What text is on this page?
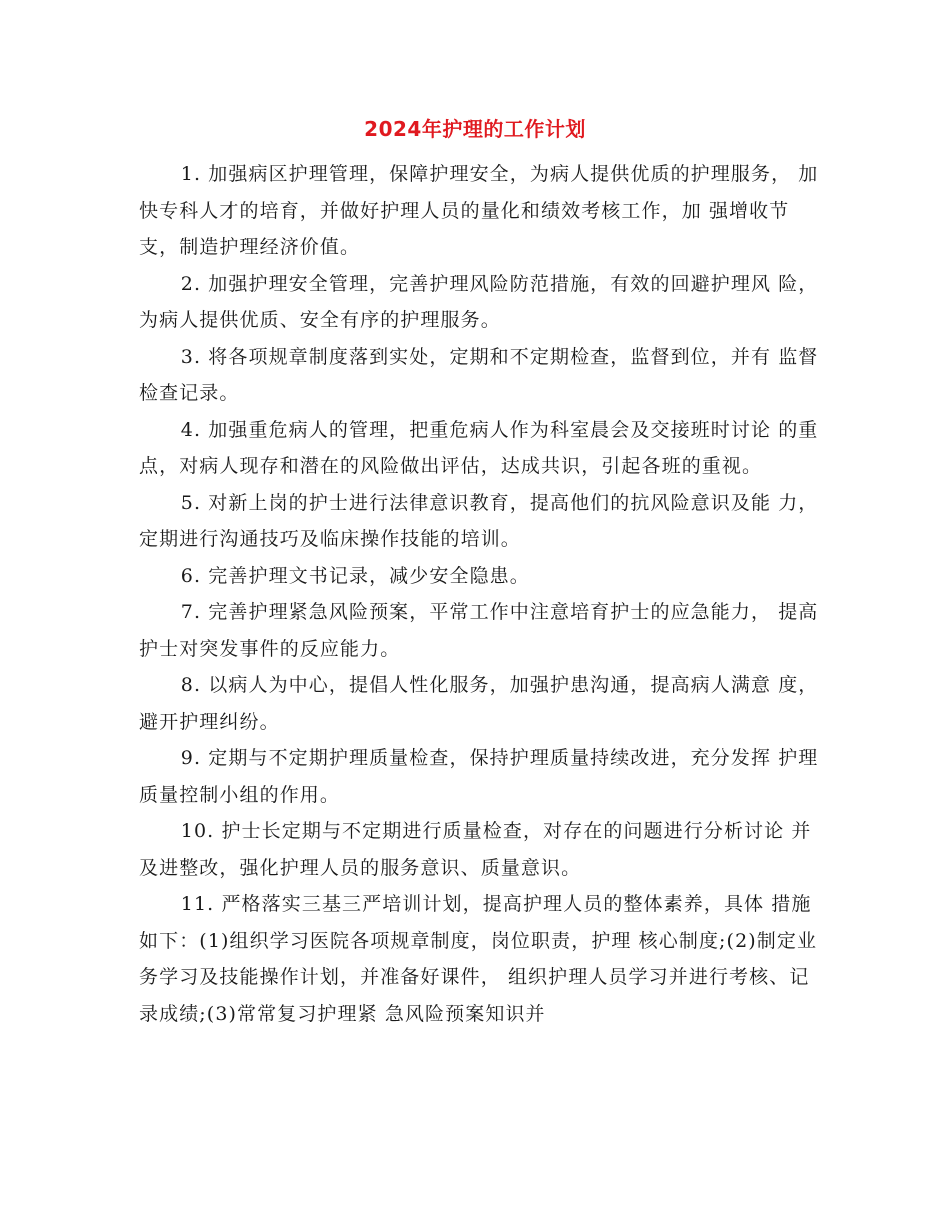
2024年护理的工作计划

1. 加强病区护理管理，保障护理安全，为病人提供优质的护理服务， 加快专科人才的培育，并做好护理人员的量化和绩效考核工作，加 强增收节支，制造护理经济价值。

2. 加强护理安全管理，完善护理风险防范措施，有效的回避护理风 险，为病人提供优质、安全有序的护理服务。

3. 将各项规章制度落到实处，定期和不定期检查，监督到位，并有 监督检查记录。

4. 加强重危病人的管理，把重危病人作为科室晨会及交接班时讨论 的重点，对病人现存和潜在的风险做出评估，达成共识，引起各班的重视。

5. 对新上岗的护士进行法律意识教育，提高他们的抗风险意识及能 力，定期进行沟通技巧及临床操作技能的培训。

6. 完善护理文书记录，减少安全隐患。

7. 完善护理紧急风险预案，平常工作中注意培育护士的应急能力， 提高护士对突发事件的反应能力。

8. 以病人为中心，提倡人性化服务，加强护患沟通，提高病人满意 度，避开护理纠纷。

9. 定期与不定期护理质量检查，保持护理质量持续改进，充分发挥 护理质量控制小组的作用。

10. 护士长定期与不定期进行质量检查，对存在的问题进行分析讨论 并及进整改，强化护理人员的服务意识、质量意识。

11. 严格落实三基三严培训计划，提高护理人员的整体素养，具体 措施如下：(1)组织学习医院各项规章制度，岗位职责，护理 核心制度;(2)制定业务学习及技能操作计划，并准备好课件， 组织护理人员学习并进行考核、记录成绩;(3)常常复习护理紧 急风险预案知识并
